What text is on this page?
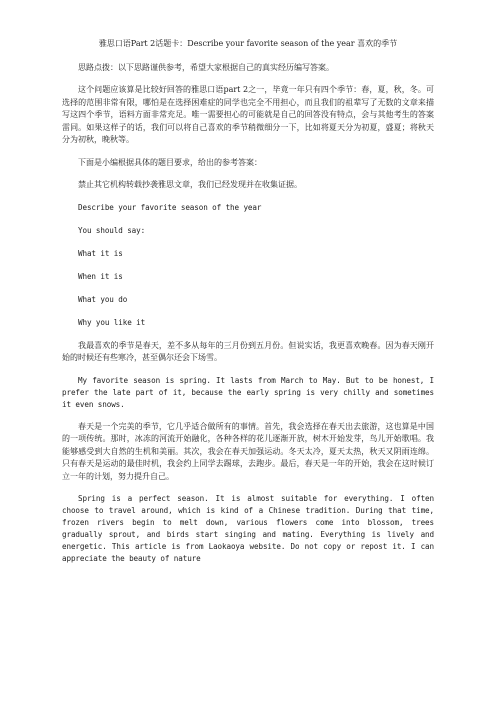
雅思口语Part 2话题卡：Describe your favorite season of the year 喜欢的季节

思路点拨：以下思路谨供参考，希望大家根据自己的真实经历编写答案。

这个问题应该算是比较好回答的雅思口语part 2之一，毕竟一年只有四个季节：春，夏，秋，冬。可选择的范围非常有限，哪怕是在选择困难症的同学也完全不用担心，而且我们的祖辈写了无数的文章来描写这四个季节，语料方面非常充足。唯一需要担心的可能就是自己的回答没有特点，会与其他考生的答案雷同。如果这样子的话，我们可以将自己喜欢的季节稍微细分一下，比如将夏天分为初夏，盛夏；将秋天分为初秋，晚秋等。

下面是小编根据具体的题目要求，给出的参考答案：

禁止其它机构转载抄袭雅思文章，我们已经发现并在收集证据。

Describe your favorite season of the year

You should say:

What it is

When it is

What you do

Why you like it

我最喜欢的季节是春天，差不多从每年的三月份到五月份。但说实话，我更喜欢晚春。因为春天刚开始的时候还有些寒冷，甚至偶尔还会下场雪。

My favorite season is spring. It lasts from March to May. But to be honest, I prefer the late part of it, because the early spring is very chilly and sometimes it even snows.

春天是一个完美的季节，它几乎适合做所有的事情。首先，我会选择在春天出去旅游，这也算是中国的一项传统。那时，冰冻的河流开始融化，各种各样的花儿逐渐开放，树木开始发芽，鸟儿开始歌唱。我能够感受到大自然的生机和美丽。其次，我会在春天加强运动。冬天太冷，夏天太热，秋天又阴雨连绵。只有春天是运动的最佳时机，我会约上同学去踢球，去跑步。最后，春天是一年的开始，我会在这时候订立一年的计划，努力提升自己。

Spring is a perfect season. It is almost suitable for everything. I often choose to travel around, which is kind of a Chinese tradition. During that time, frozen rivers begin to melt down, various flowers come into blossom, trees gradually sprout, and birds start singing and mating. Everything is lively and energetic. This article is from Laokaoya website. Do not copy or repost it. I can appreciate the beauty of nature
